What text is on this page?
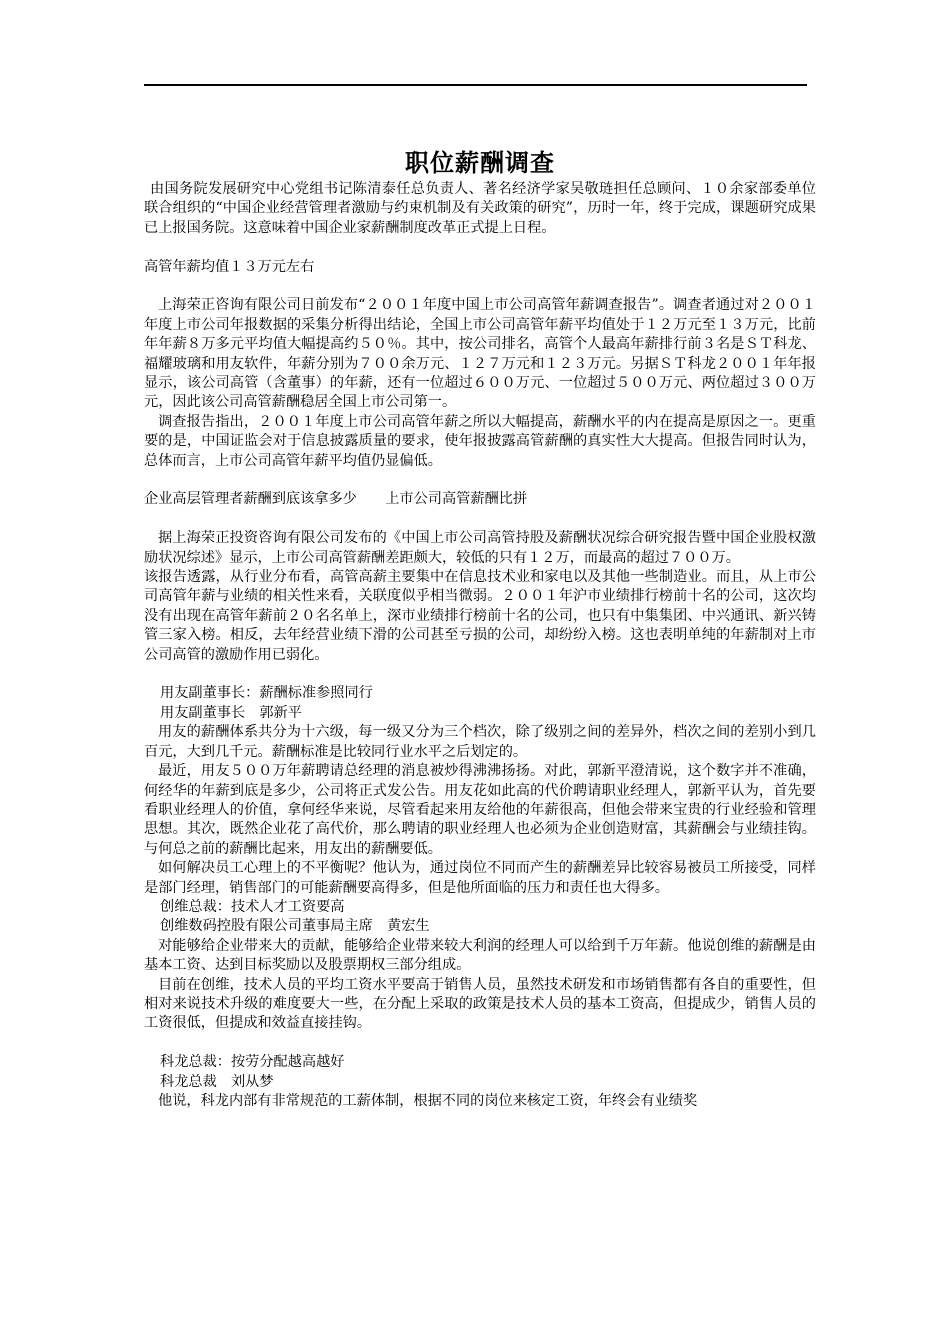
职位薪酬调查

由国务院发展研究中心党组书记陈清泰任总负责人、著名经济学家吴敬琏担任总顾问、１０余家部委单位联合组织的“中国企业经营管理者激励与约束机制及有关政策的研究”，历时一年，终于完成，课题研究成果已上报国务院。这意味着中国企业家薪酬制度改革正式提上日程。

高管年薪均值１３万元左右

上海荣正咨询有限公司日前发布“２００１年度中国上市公司高管年薪调查报告”。调查者通过对２００１年度上市公司年报数据的采集分析得出结论，全国上市公司高管年薪平均值处于１２万元至１３万元，比前年年薪８万多元平均值大幅提高约５０％。其中，按公司排名，高管个人最高年薪排行前３名是ＳＴ科龙、福耀玻璃和用友软件，年薪分别为７００余万元、１２７万元和１２３万元。另据ＳＴ科龙２００１年年报显示，该公司高管（含董事）的年薪，还有一位超过６００万元、一位超过５００万元、两位超过３００万元，因此该公司高管薪酬稳居全国上市公司第一。

调查报告指出，２００１年度上市公司高管年薪之所以大幅提高，薪酬水平的内在提高是原因之一。更重要的是，中国证监会对于信息披露质量的要求，使年报披露高管薪酬的真实性大大提高。但报告同时认为，总体而言，上市公司高管年薪平均值仍显偏低。

企业高层管理者薪酬到底该拿多少　　上市公司高管薪酬比拼

据上海荣正投资咨询有限公司发布的《中国上市公司高管持股及薪酬状况综合研究报告暨中国企业股权激励状况综述》显示，上市公司高管薪酬差距颇大，较低的只有１２万，而最高的超过７００万。

该报告透露，从行业分布看，高管高薪主要集中在信息技术业和家电以及其他一些制造业。而且，从上市公司高管年薪与业绩的相关性来看，关联度似乎相当微弱。２００１年沪市业绩排行榜前十名的公司，这次均没有出现在高管年薪前２０名名单上，深市业绩排行榜前十名的公司，也只有中集集团、中兴通讯、新兴铸管三家入榜。相反，去年经营业绩下滑的公司甚至亏损的公司，却纷纷入榜。这也表明单纯的年薪制对上市公司高管的激励作用已弱化。

用友副董事长：薪酬标准参照同行

用友副董事长　郭新平

用友的薪酬体系共分为十六级，每一级又分为三个档次，除了级别之间的差异外，档次之间的差别小到几百元，大到几千元。薪酬标准是比较同行业水平之后划定的。

最近，用友５００万年薪聘请总经理的消息被炒得沸沸扬扬。对此，郭新平澄清说，这个数字并不准确，何经华的年薪到底是多少，公司将正式发公告。用友花如此高的代价聘请职业经理人，郭新平认为，首先要看职业经理人的价值，拿何经华来说，尽管看起来用友给他的年薪很高，但他会带来宝贵的行业经验和管理思想。其次，既然企业花了高代价，那么聘请的职业经理人也必须为企业创造财富，其薪酬会与业绩挂钩。与何总之前的薪酬比起来，用友出的薪酬要低。

如何解决员工心理上的不平衡呢？他认为，通过岗位不同而产生的薪酬差异比较容易被员工所接受，同样是部门经理，销售部门的可能薪酬要高得多，但是他所面临的压力和责任也大得多。

创维总裁：技术人才工资要高

创维数码控股有限公司董事局主席　黄宏生

对能够给企业带来大的贡献，能够给企业带来较大利润的经理人可以给到千万年薪。他说创维的薪酬是由基本工资、达到目标奖励以及股票期权三部分组成。

目前在创维，技术人员的平均工资水平要高于销售人员，虽然技术研发和市场销售都有各自的重要性，但相对来说技术升级的难度要大一些，在分配上采取的政策是技术人员的基本工资高，但提成少，销售人员的工资很低，但提成和效益直接挂钩。

科龙总裁：按劳分配越高越好

科龙总裁　刘从梦

他说，科龙内部有非常规范的工薪体制，根据不同的岗位来核定工资，年终会有业绩奖
